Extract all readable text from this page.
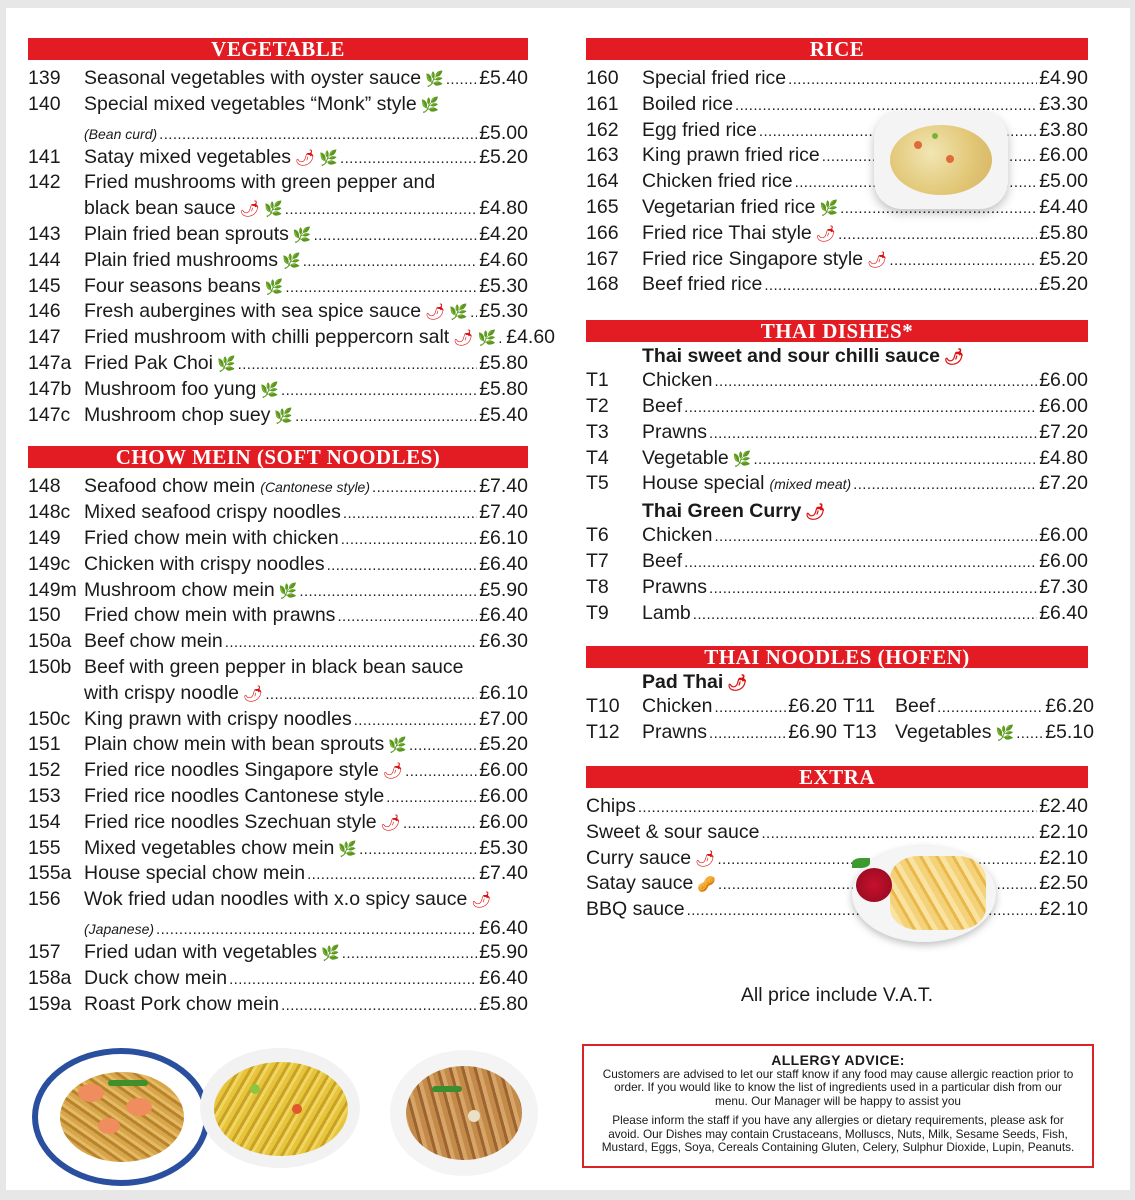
VEGETABLE
139	Seasonal vegetables with oyster sauce 🌿 ..... £5.40
140	Special mixed vegetables “Monk” style 🌿
(Bean curd) .....	£5.00
141	Satay mixed vegetables 🌶 🌿 .....	£5.20
142	Fried mushrooms with green pepper and
black bean sauce 🌶 🌿 .....	£4.80
143	Plain fried bean sprouts 🌿 .....	£4.20
144	Plain fried mushrooms 🌿 .....	£4.60
145	Four seasons beans 🌿 .....	£5.30
146	Fresh aubergines with sea spice sauce 🌶 🌿 ..... £5.30
147	Fried mushroom with chilli peppercorn salt 🌶 🌿 ..... £4.60
147a Fried Pak Choi 🌿 .....	£5.80
147b Mushroom foo yung 🌿 .....	£5.80
147c Mushroom chop suey 🌿 .....	£5.40
CHOW MEIN (SOFT NOODLES)
148	Seafood chow mein (Cantonese style) .....	£7.40
148c Mixed seafood crispy noodles .....	£7.40
149	Fried chow mein with chicken .....	£6.10
149c Chicken with crispy noodles .....	£6.40
149m Mushroom chow mein 🌿 .....	£5.90
150	Fried chow mein with prawns .....	£6.40
150a Beef chow mein .....	£6.30
150b Beef with green pepper in black bean sauce
with crispy noodle 🌶 .....	£6.10
150c King prawn with crispy noodles .....	£7.00
151	Plain chow mein with bean sprouts 🌿 .....	£5.20
152	Fried rice noodles Singapore style 🌶 .....	£6.00
153	Fried rice noodles Cantonese style .....	£6.00
154	Fried rice noodles Szechuan style 🌶 .....	£6.00
155	Mixed vegetables chow mein 🌿 .....	£5.30
155a House special chow mein .....	£7.40
156	Wok fried udan noodles with x.o spicy sauce 🌶
(Japanese) .....	£6.40
157	Fried udan with vegetables 🌿 .....	£5.90
158a Duck chow mein .....	£6.40
159a Roast Pork chow mein .....	£5.80
RICE
160	Special fried rice .....	£4.90
161	Boiled rice .....	£3.30
162	Egg fried rice .....	£3.80
163	King prawn fried rice .....	£6.00
164	Chicken fried rice .....	£5.00
165	Vegetarian fried rice 🌿 .....	£4.40
166	Fried rice Thai style 🌶 .....	£5.80
167	Fried rice Singapore style 🌶 .....	£5.20
168	Beef fried rice .....	£5.20
THAI DISHES*
Thai sweet and sour chilli sauce 🌶
T1	Chicken .....	£6.00
T2	Beef .....	£6.00
T3	Prawns .....	£7.20
T4	Vegetable 🌿 .....	£4.80
T5	House special (mixed meat) .....	£7.20
Thai Green Curry 🌶
T6	Chicken .....	£6.00
T7	Beef .....	£6.00
T8	Prawns .....	£7.30
T9	Lamb .....	£6.40
THAI NOODLES (HOFEN)
Pad Thai 🌶
T10	Chicken .....	£6.20 T11	Beef .....	£6.20
T12	Prawns .....	£6.90 T13 Vegetables 🌿 ..... £5.10
EXTRA
Chips .....	£2.40
Sweet & sour sauce .....	£2.10
Curry sauce 🌶 .....	£2.10
Satay sauce 🥜 .....	£2.50
BBQ sauce .....	£2.10
All price include V.A.T.
ALLERGY ADVICE:

Customers are advised to let our staff know if any food may cause allergic reaction prior to order. If you would like to know the list of ingredients used in a particular dish from our menu. Our Manager will be happy to assist you

Please inform the staff if you have any allergies or dietary requirements, please ask for avoid. Our Dishes may contain Crustaceans, Molluscs, Nuts, Milk, Sesame Seeds, Fish, Mustard, Eggs, Soya, Cereals Containing Gluten, Celery, Sulphur Dioxide, Lupin, Peanuts.
